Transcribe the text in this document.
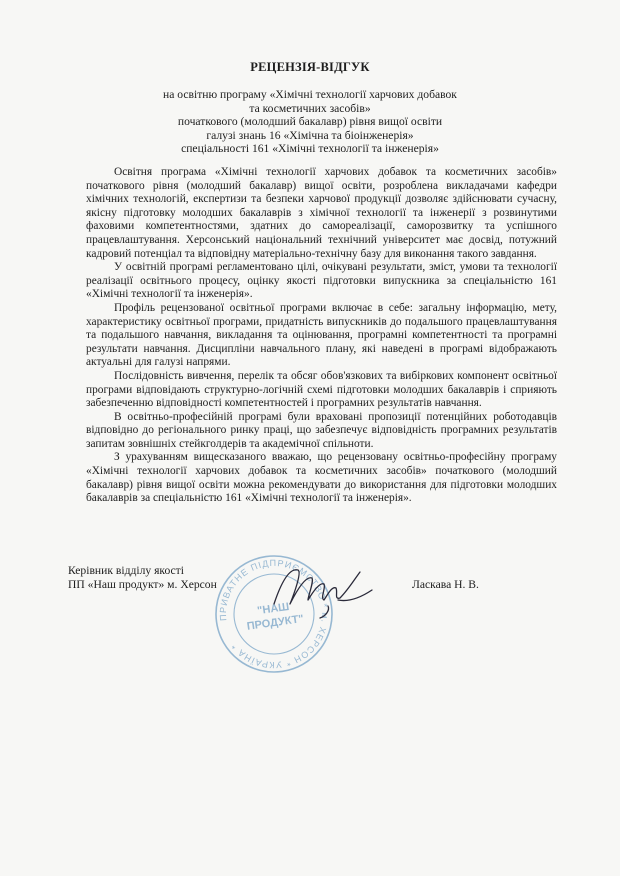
РЕЦЕНЗІЯ-ВІДГУК
на освітню програму «Хімічні технології харчових добавок
та косметичних засобів»
початкового (молодший бакалавр) рівня вищої освіти
галузі знань 16 «Хімічна та біоінженерія»
спеціальності 161 «Хімічні технології та інженерія»

Освітня програма «Хімічні технології харчових добавок та косметичних засобів» початкового рівня (молодший бакалавр) вищої освіти, розроблена викладачами кафедри хімічних технологій, експертизи та безпеки харчової продукції дозволяє здійснювати сучасну, якісну підготовку молодших бакалаврів з хімічної технології та інженерії з розвинутими фаховими компетентностями, здатних до самореалізації, саморозвитку та успішного працевлаштування. Херсонський національний технічний університет має досвід, потужний кадровий потенціал та відповідну матеріально-технічну базу для виконання такого завдання.

У освітній програмі регламентовано цілі, очікувані результати, зміст, умови та технології реалізації освітнього процесу, оцінку якості підготовки випускника за спеціальністю 161 «Хімічні технології та інженерія».

Профіль рецензованої освітньої програми включає в себе: загальну інформацію, мету, характеристику освітньої програми, придатність випускників до подальшого працевлаштування та подальшого навчання, викладання та оцінювання, програмні компетентності та програмні результати навчання. Дисципліни навчального плану, які наведені в програмі відображають актуальні для галузі напрями.

Послідовність вивчення, перелік та обсяг обов'язкових та вибіркових компонент освітньої програми відповідають структурно-логічній схемі підготовки молодших бакалаврів і сприяють забезпеченню відповідності компетентностей і програмних результатів навчання.

В освітньо-професійній програмі були враховані пропозиції потенційних роботодавців відповідно до регіонального ринку праці, що забезпечує відповідність програмних результатів запитам зовнішніх стейкголдерів та академічної спільноти.

З урахуванням вищесказаного вважаю, що рецензовану освітньо-професійну програму «Хімічні технології харчових добавок та косметичних засобів» початкового (молодший бакалавр) рівня вищої освіти можна рекомендувати до використання для підготовки молодших бакалаврів за спеціальністю 161 «Хімічні технології та інженерія».

ПРИВАТНЕ ПІДПРИЄМСТВО * м. ХЕРСОН * УКРАЇНА *
"НАШ
ПРОДУКТ"
Керівник відділу якості
ПП «Наш продукт» м. Херсон	Ласкава Н. В.
